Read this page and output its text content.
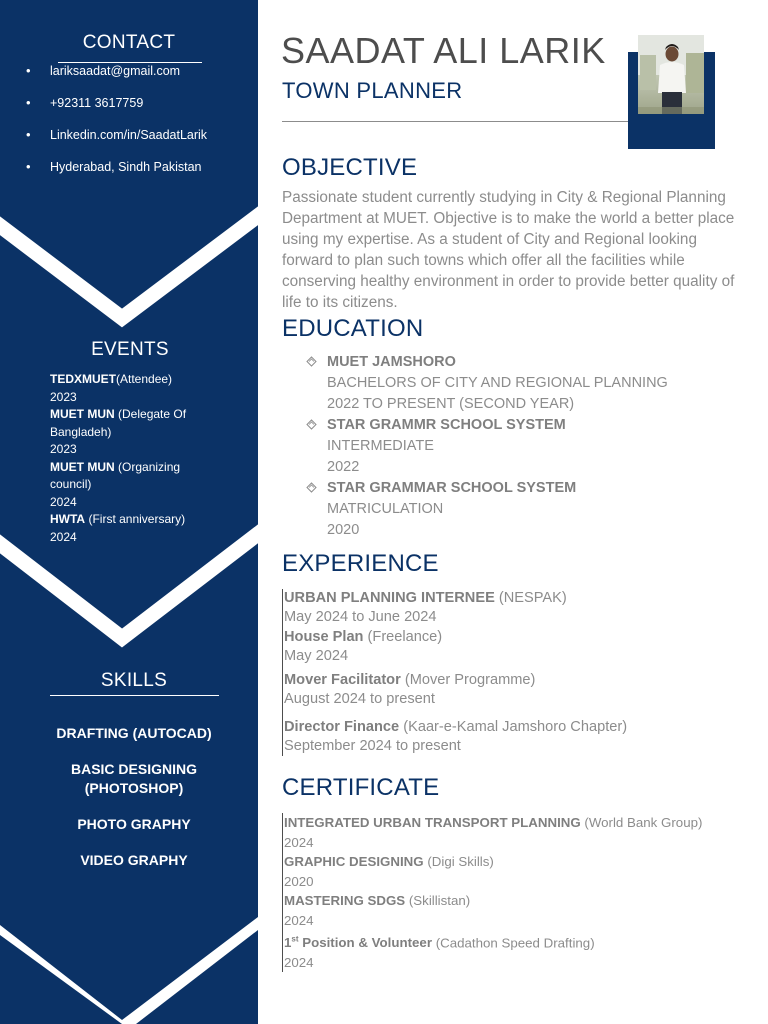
CONTACT
• lariksaadat@gmail.com
• +92311 3617759
• Linkedin.com/in/SaadatLarik
• Hyderabad, Sindh Pakistan
EVENTS
TEDXMUET(Attendee)
2023
MUET MUN (Delegate Of Bangladeh)
2023
MUET MUN (Organizing council)
2024
HWTA (First anniversary)
2024
SKILLS
DRAFTING (AUTOCAD)
BASIC DESIGNING (PHOTOSHOP)
PHOTO GRAPHY
VIDEO GRAPHY
SAADAT ALI LARIK
TOWN PLANNER
OBJECTIVE

Passionate student currently studying in City & Regional Planning Department at MUET. Objective is to make the world a better place using my expertise. As a student of City and Regional looking forward to plan such towns which offer all the facilities while conserving healthy environment in order to provide better quality of life to its citizens.

EDUCATION
MUET JAMSHORO
BACHELORS OF CITY AND REGIONAL PLANNING
2022 TO PRESENT (SECOND YEAR)
STAR GRAMMR SCHOOL SYSTEM
INTERMEDIATE
2022
STAR GRAMMAR SCHOOL SYSTEM
MATRICULATION
2020
EXPERIENCE
URBAN PLANNING INTERNEE (NESPAK)
May 2024 to June 2024
House Plan (Freelance)
May 2024
Mover Facilitator (Mover Programme)
August 2024 to present
Director Finance (Kaar-e-Kamal Jamshoro Chapter)
September 2024 to present
CERTIFICATE
INTEGRATED URBAN TRANSPORT PLANNING (World Bank Group)
2024
GRAPHIC DESIGNING (Digi Skills)
2020
MASTERING SDGS (Skillistan)
2024
1st Position & Volunteer (Cadathon Speed Drafting)
2024
